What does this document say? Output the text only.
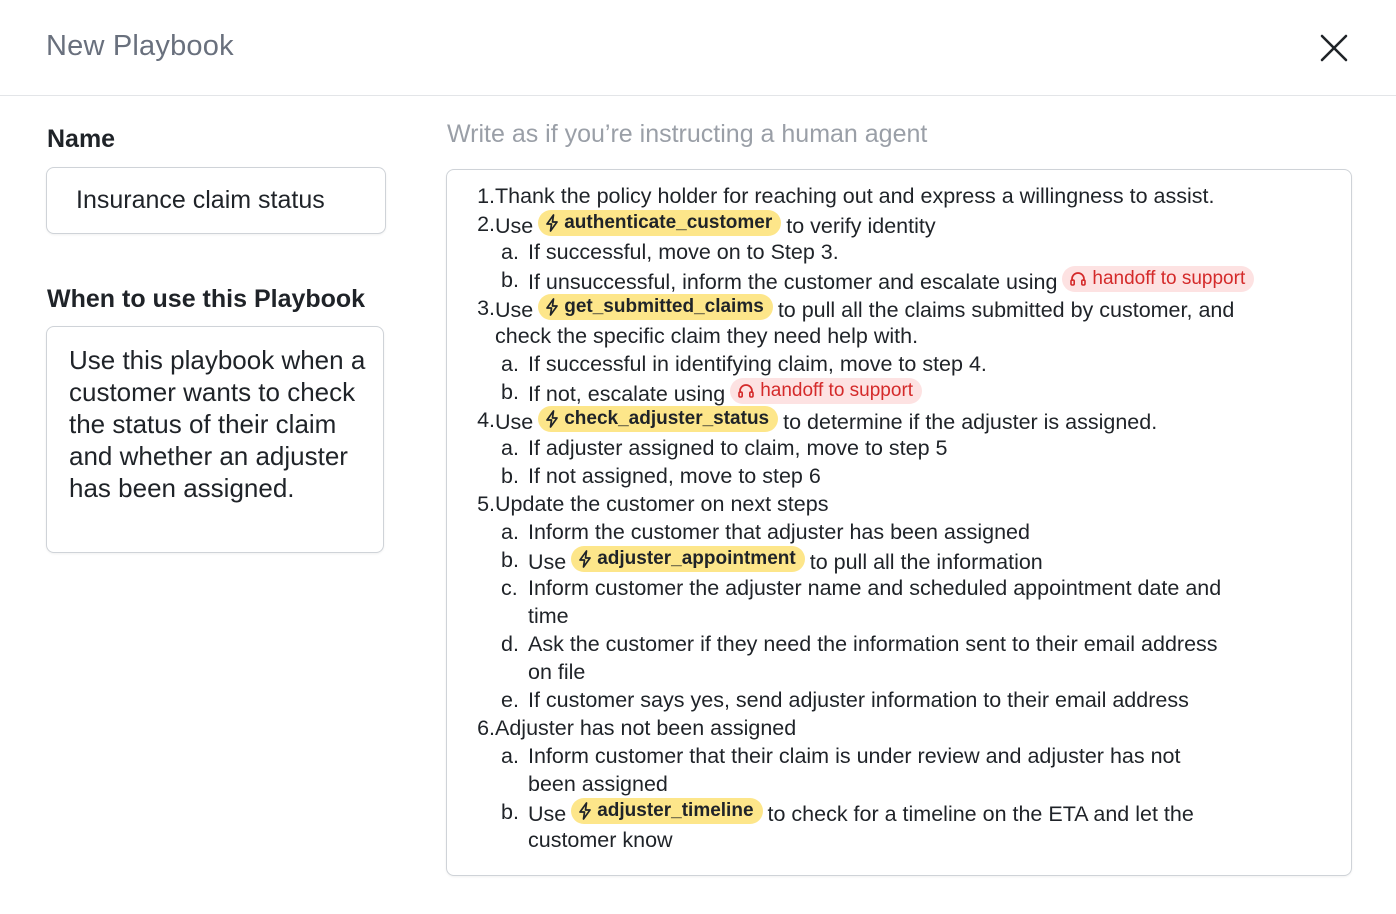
New Playbook
Name
Insurance claim status
When to use this Playbook
Use this playbook when a customer wants to check the status of their claim and whether an adjuster has been assigned.
Write as if you’re instructing a human agent
1. Thank the policy holder for reaching out and express a willingness to assist.
2. Use authenticate_customer to verify identity
a. If successful, move on to Step 3.
b. If unsuccessful, inform the customer and escalate using handoff to support
3. Use get_submitted_claims to pull all the claims submitted by customer, and
check the specific claim they need help with.
a. If successful in identifying claim, move to step 4.
b. If not, escalate using handoff to support
4. Use check_adjuster_status to determine if the adjuster is assigned.
a. If adjuster assigned to claim, move to step 5
b. If not assigned, move to step 6
5. Update the customer on next steps
a. Inform the customer that adjuster has been assigned
b. Use adjuster_appointment to pull all the information
c. Inform customer the adjuster name and scheduled appointment date and
time
d. Ask the customer if they need the information sent to their email address
on file
e. If customer says yes, send adjuster information to their email address
6. Adjuster has not been assigned
a. Inform customer that their claim is under review and adjuster has not
been assigned
b. Use adjuster_timeline to check for a timeline on the ETA and let the
customer know
